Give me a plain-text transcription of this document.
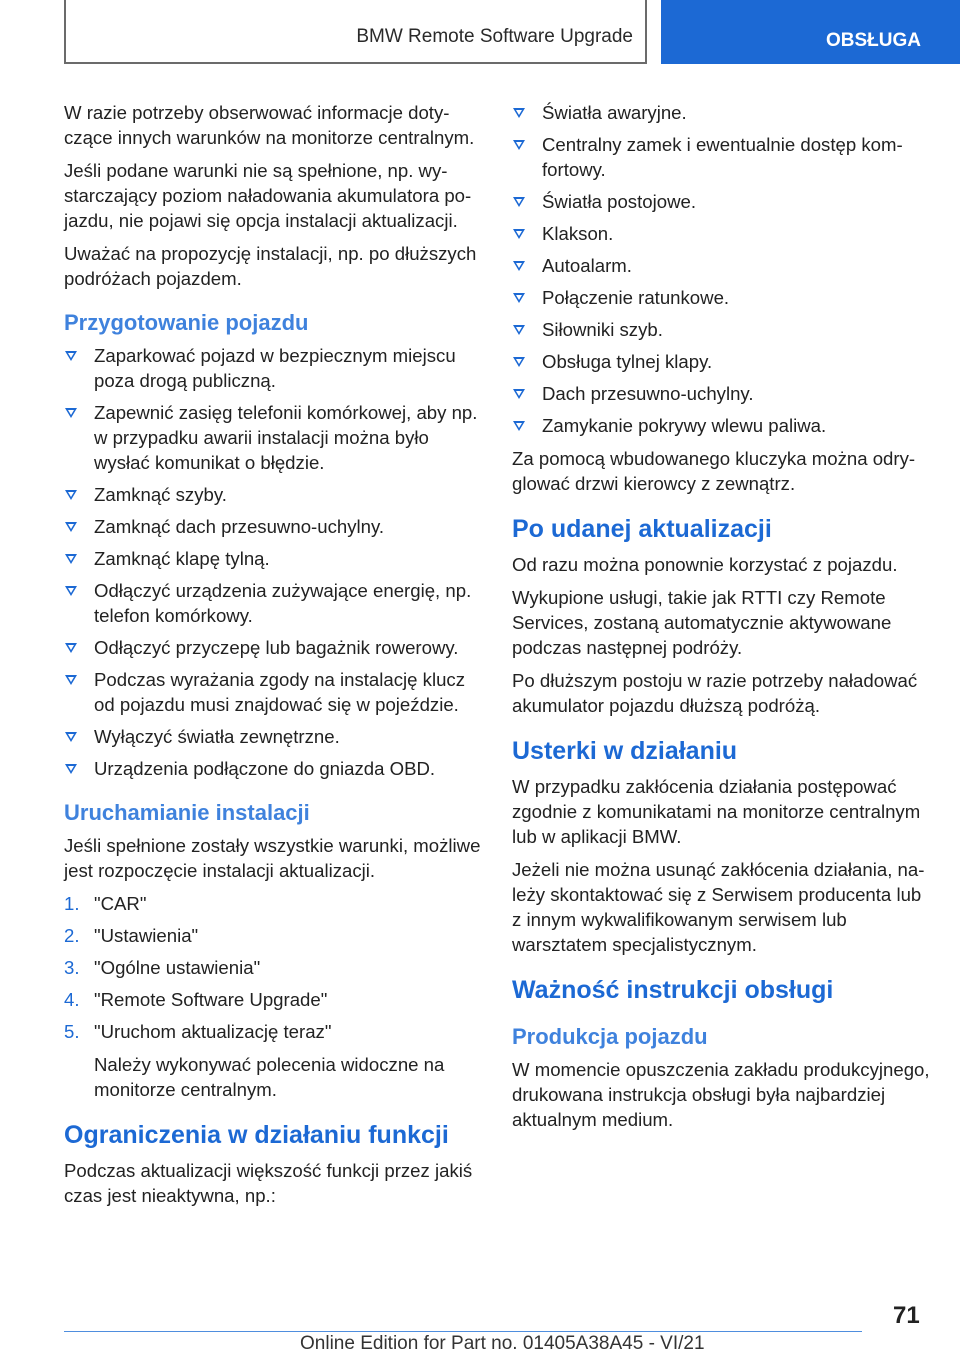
BMW Remote Software Upgrade	OBSŁUGA

W razie potrzeby obserwować informacje dotyczące innych warunków na monitorze centralnym.

Jeśli podane warunki nie są spełnione, np. wystarczający poziom naładowania akumulatora pojazdu, nie pojawi się opcja instalacji aktualizacji.

Uważać na propozycję instalacji, np. po dłuższych podróżach pojazdem.

Przygotowanie pojazdu
Zaparkować pojazd w bezpiecznym miejscu poza drogą publiczną.
Zapewnić zasięg telefonii komórkowej, aby np. w przypadku awarii instalacji można było wysłać komunikat o błędzie.
Zamknąć szyby.
Zamknąć dach przesuwno-uchylny.
Zamknąć klapę tylną.
Odłączyć urządzenia zużywające energię, np. telefon komórkowy.
Odłączyć przyczepę lub bagażnik rowerowy.
Podczas wyrażania zgody na instalację klucz od pojazdu musi znajdować się w pojeździe.
Wyłączyć światła zewnętrzne.
Urządzenia podłączone do gniazda OBD.
Uruchamianie instalacji

Jeśli spełnione zostały wszystkie warunki, możliwe jest rozpoczęcie instalacji aktualizacji.

1. "CAR"
2. "Ustawienia"
3. "Ogólne ustawienia"
4. "Remote Software Upgrade"
5. "Uruchom aktualizację teraz"

Należy wykonywać polecenia widoczne na monitorze centralnym.

Ograniczenia w działaniu funkcji

Podczas aktualizacji większość funkcji przez jakiś czas jest nieaktywna, np.:

Światła awaryjne.
Centralny zamek i ewentualnie dostęp komfortowy.
Światła postojowe.
Klakson.
Autoalarm.
Połączenie ratunkowe.
Siłowniki szyb.
Obsługa tylnej klapy.
Dach przesuwno-uchylny.
Zamykanie pokrywy wlewu paliwa.

Za pomocą wbudowanego kluczyka można odryglować drzwi kierowcy z zewnątrz.

Po udanej aktualizacji

Od razu można ponownie korzystać z pojazdu.

Wykupione usługi, takie jak RTTI czy Remote Services, zostaną automatycznie aktywowane podczas następnej podróży.

Po dłuższym postoju w razie potrzeby naładować akumulator pojazdu dłuższą podróżą.

Usterki w działaniu

W przypadku zakłócenia działania postępować zgodnie z komunikatami na monitorze centralnym lub w aplikacji BMW.

Jeżeli nie można usunąć zakłócenia działania, należy skontaktować się z Serwisem producenta lub z innym wykwalifikowanym serwisem lub warsztatem specjalistycznym.

Ważność instrukcji obsługi
Produkcja pojazdu

W momencie opuszczenia zakładu produkcyjnego, drukowana instrukcja obsługi była najbardziej aktualnym medium.

71
Online Edition for Part no. 01405A38A45 - VI/21
